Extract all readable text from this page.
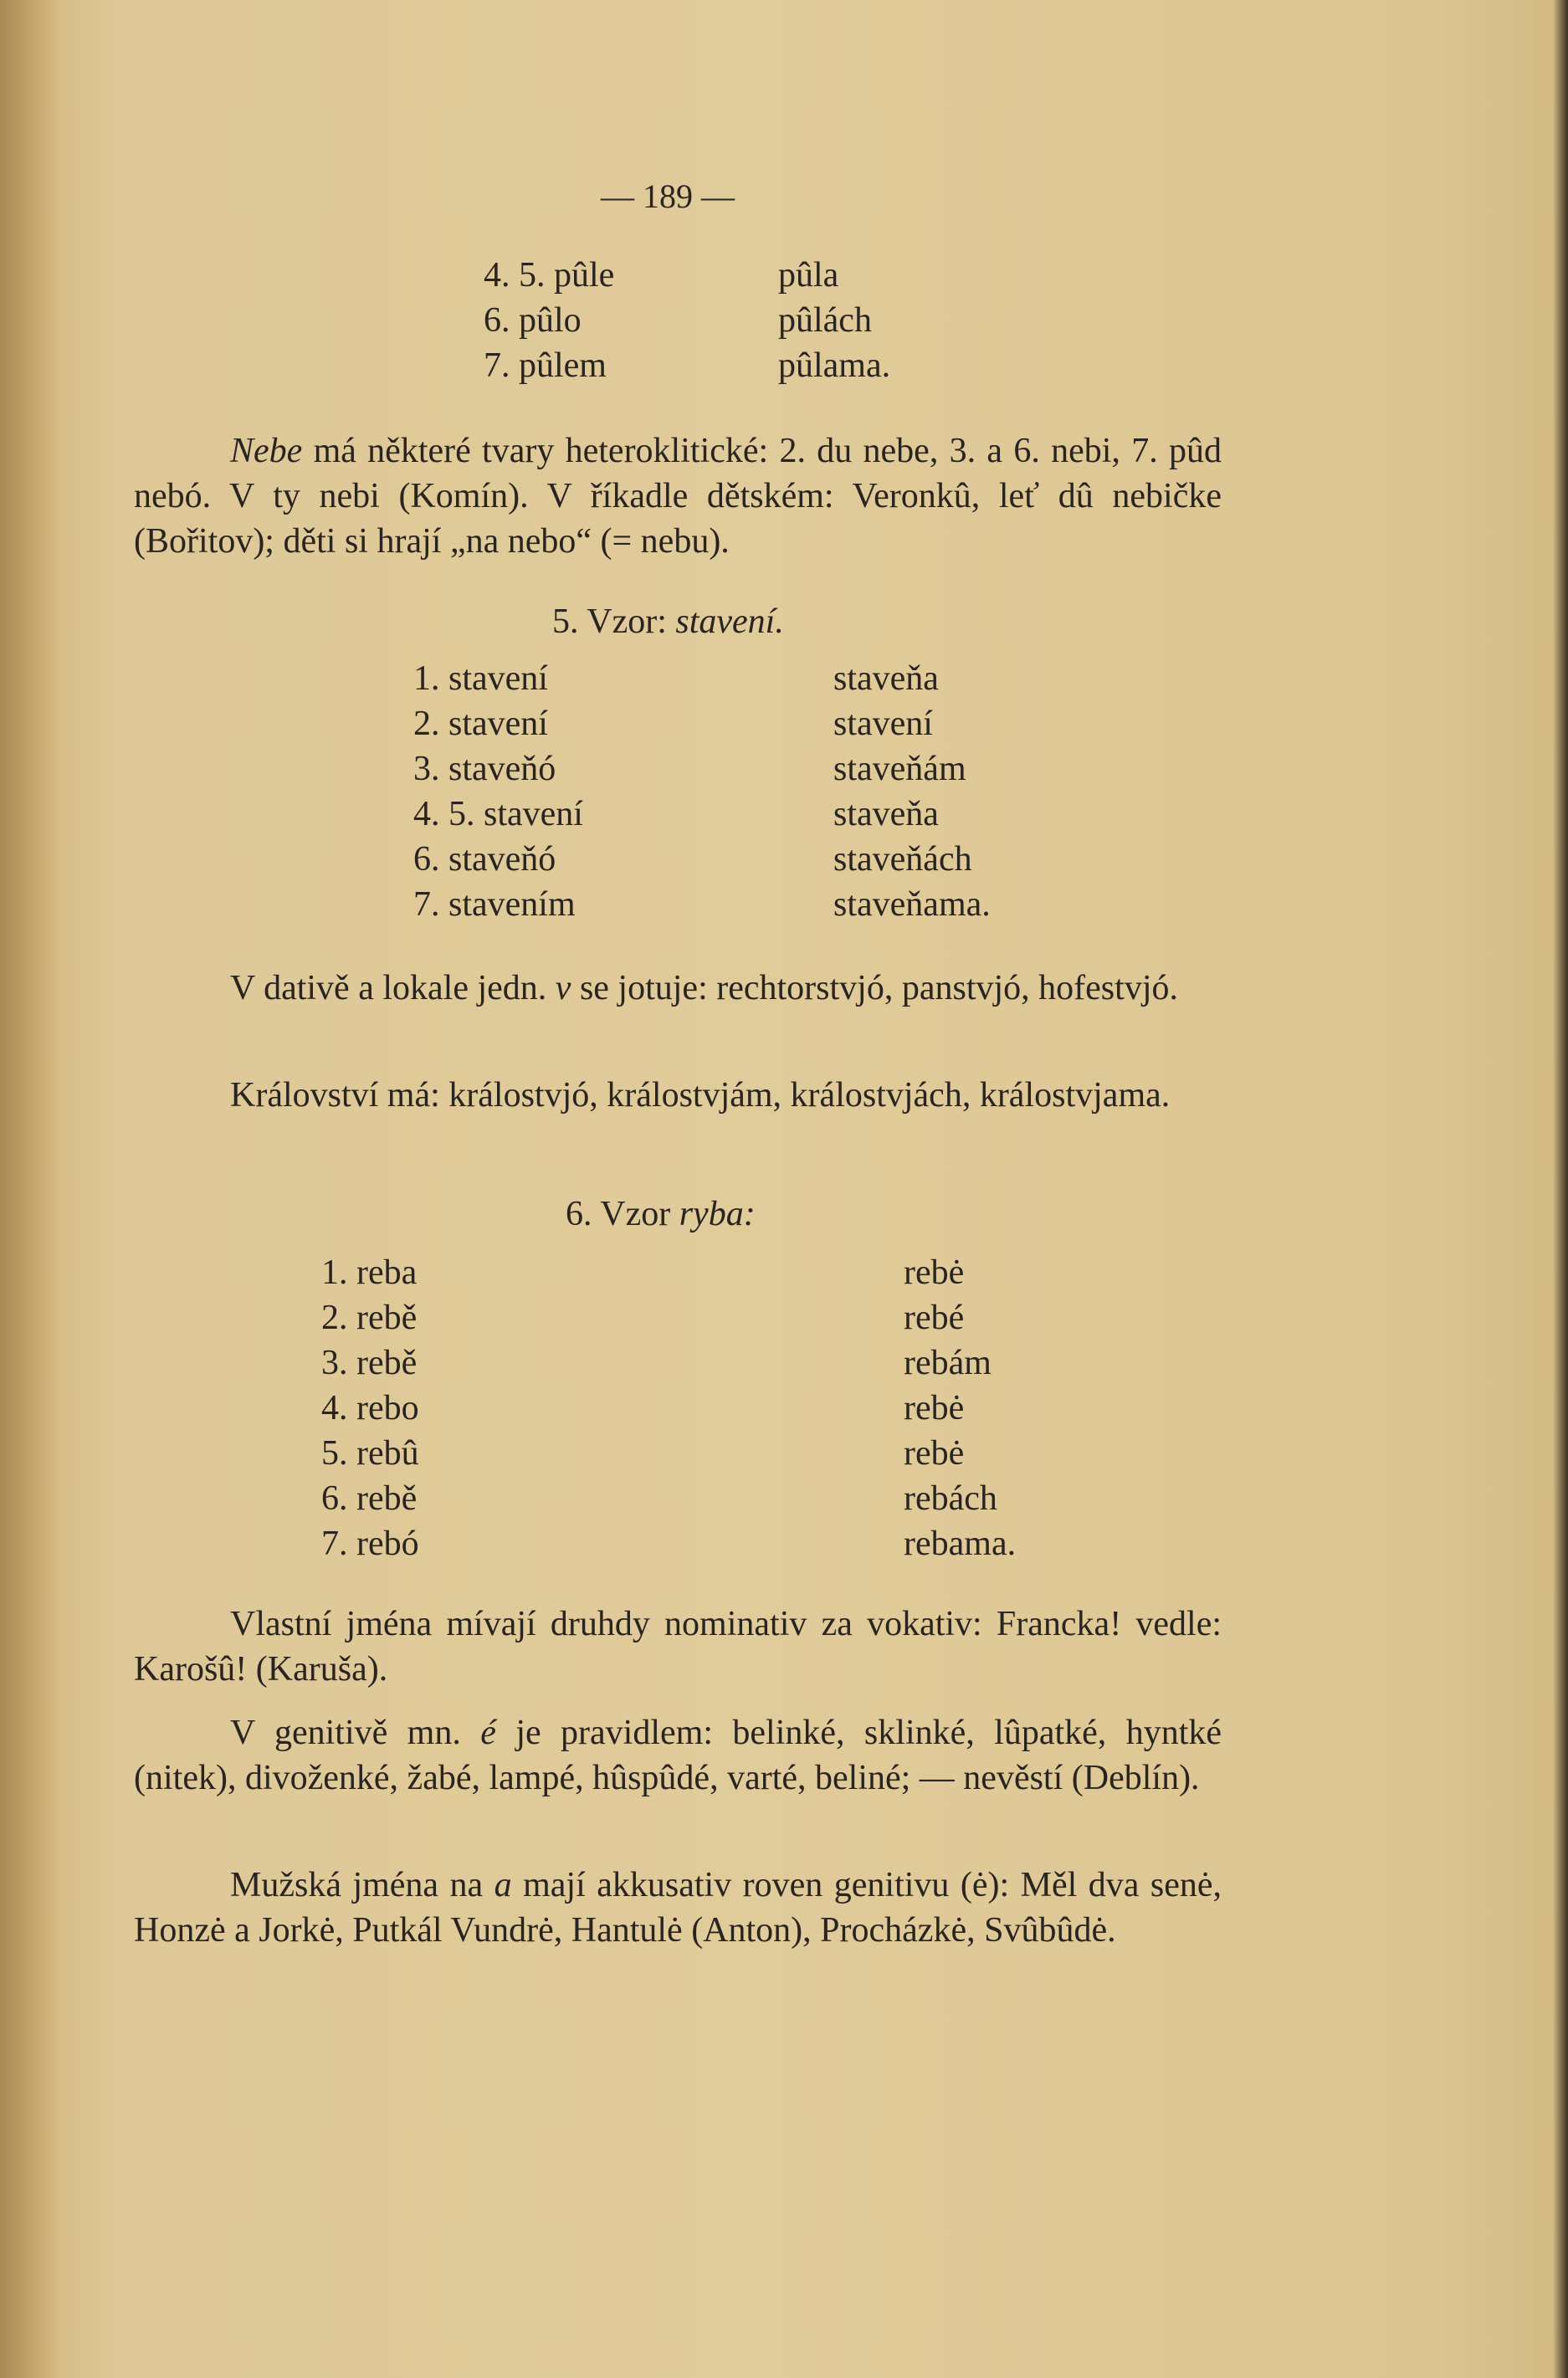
— 189 —
4. 5. pûle	pûla
6. pûlo	pûlách
7. pûlem	pûlama.
Nebe má některé tvary heteroklitické: 2. du nebe, 3. a 6. nebi, 7. pûd nebó. V ty nebi (Komín). V říkadle dětském: Veronkû, leť dû nebičke (Bořitov); děti si hrají „na nebo“ (= nebu).
5. Vzor: stavení.
1. stavení	staveňa
2. stavení	stavení
3. staveňó	staveňám
4. 5. stavení	staveňa
6. staveňó	staveňách
7. stavením	staveňama.
V dativě a lokale jedn. v se jotuje: rechtorstvjó, panstvjó, hofestvjó.
Království má: králostvjó, králostvjám, králostvjách, králostvjama.
6. Vzor ryba:
1. reba	rebė
2. rebě	rebé
3. rebě	rebám
4. rebo	rebė
5. rebû	rebė
6. rebě	rebách
7. rebó	rebama.
Vlastní jména mívají druhdy nominativ za vokativ: Francka! vedle: Karošû! (Karuša).
V genitivě mn. é je pravidlem: belinké, sklinké, lûpatké, hyntké (nitek), divoženké, žabé, lampé, hûspûdé, varté, beliné; — nevěstí (Deblín).
Mužská jména na a mají akkusativ roven genitivu (ė): Měl dva senė, Honzė a Jorkė, Putkál Vundrė, Hantulė (Anton), Procházkė, Svûbûdė.
